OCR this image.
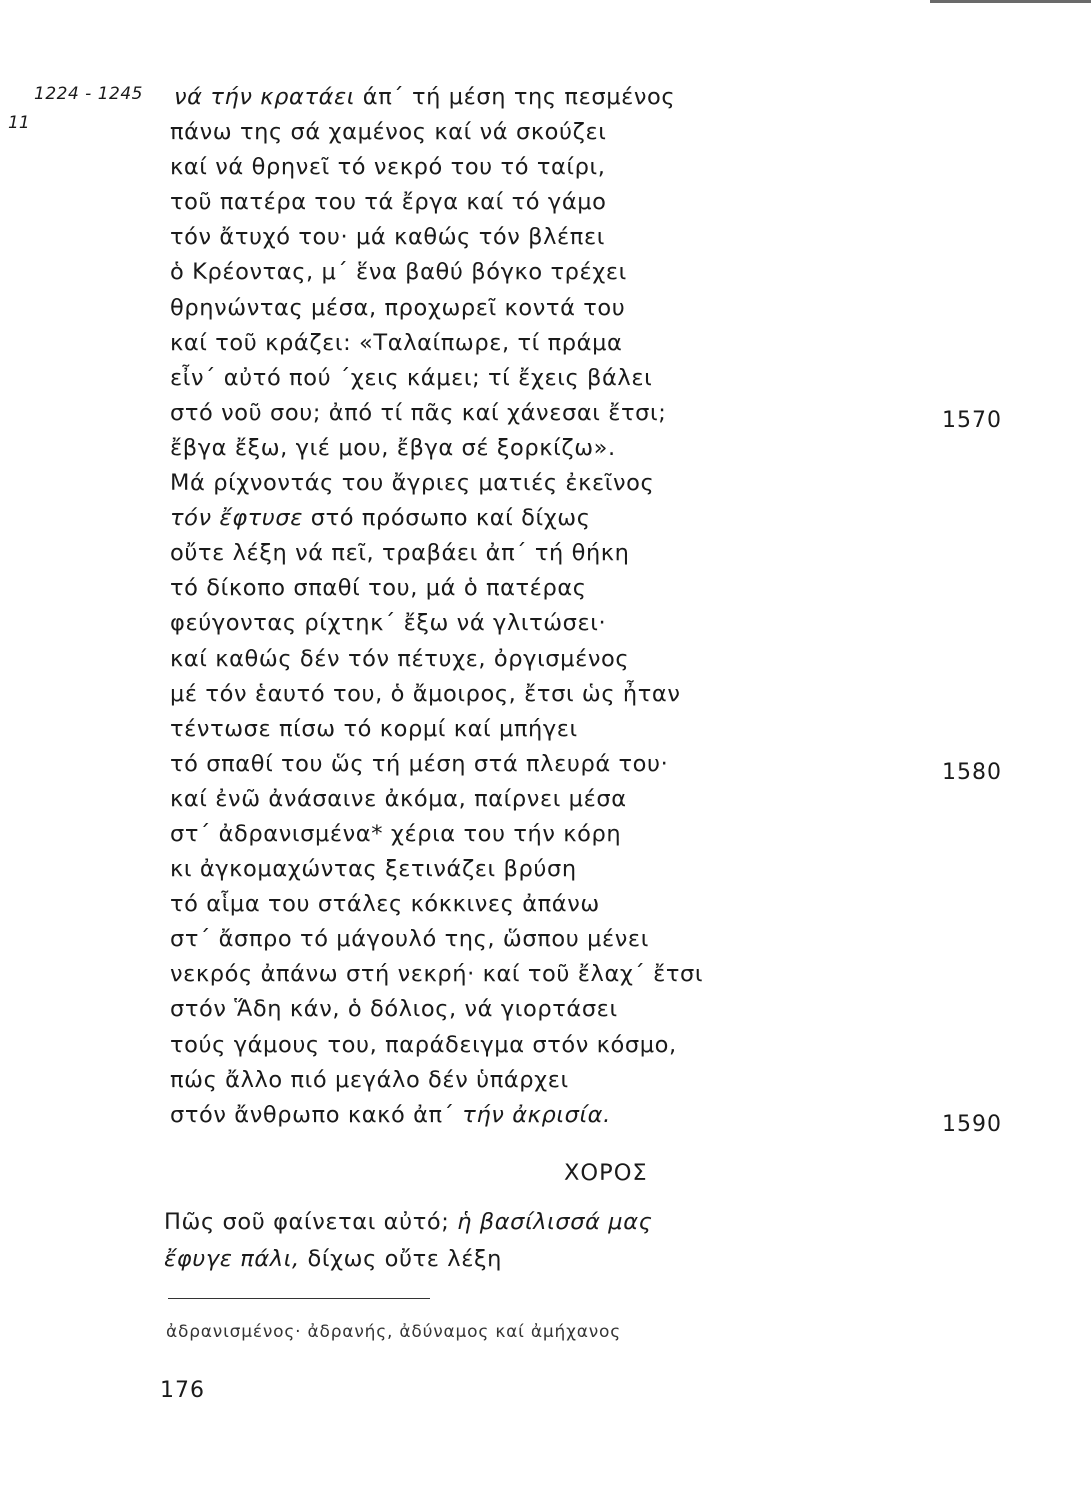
1224 - 1245
11
νά τήν κρατάει άπ΄ τή μέση της πεσμένος
πάνω της σά χαμένος καί νά σκούζει
καί νά θρηνεῖ τό νεκρό του τό ταίρι,
τοῦ πατέρα του τά ἔργα καί τό γάμο
τόν ἄτυχό του· μά καθώς τόν βλέπει
ὁ Κρέοντας, μ΄ ἕνα βαθύ βόγκο τρέχει
θρηνώντας μέσα, προχωρεῖ κοντά του
καί τοῦ κράζει: «Ταλαίπωρε, τί πράμα
εἶν΄ αὐτό πού ΄χεις κάμει; τί ἔχεις βάλει
στό νοῦ σου; ἀπό τί πᾶς καί χάνεσαι ἔτσι;
ἔβγα ἔξω, γιέ μου, ἔβγα σέ ξορκίζω».
Μά ρίχνοντάς του ἄγριες ματιές ἐκεῖνος
τόν ἔφτυσε στό πρόσωπο καί δίχως
οὔτε λέξη νά πεῖ, τραβάει ἀπ΄ τή θήκη
τό δίκοπο σπαθί του, μά ὁ πατέρας
φεύγοντας ρίχτηκ΄ ἔξω νά γλιτώσει·
καί καθώς δέν τόν πέτυχε, ὀργισμένος
μέ τόν ἑαυτό του, ὁ ἄμοιρος, ἔτσι ὡς ἦταν
τέντωσε πίσω τό κορμί καί μπήγει
τό σπαθί του ὥς τή μέση στά πλευρά του·
καί ἐνῶ ἀνάσαινε ἀκόμα, παίρνει μέσα
στ΄ ἀδρανισμένα* χέρια του τήν κόρη
κι ἀγκομαχώντας ξετινάζει βρύση
τό αἷμα του στάλες κόκκινες ἀπάνω
στ΄ ἄσπρο τό μάγουλό της, ὥσπου μένει
νεκρός ἀπάνω στή νεκρή· καί τοῦ ἔλαχ΄ ἔτσι
στόν Ἅδη κάν, ὁ δόλιος, νά γιορτάσει
τούς γάμους του, παράδειγμα στόν κόσμο,
πώς ἄλλο πιό μεγάλο δέν ὑπάρχει
στόν ἄνθρωπο κακό ἀπ΄ τήν ἀκρισία.
1570
1580
1590
ΧΟΡΟΣ
Πῶς σοῦ φαίνεται αὐτό; ἡ βασίλισσά μας
ἔφυγε πάλι, δίχως οὔτε λέξη
ἀδρανισμένος· ἀδρανής, ἀδύναμος καί ἀμήχανος
176
